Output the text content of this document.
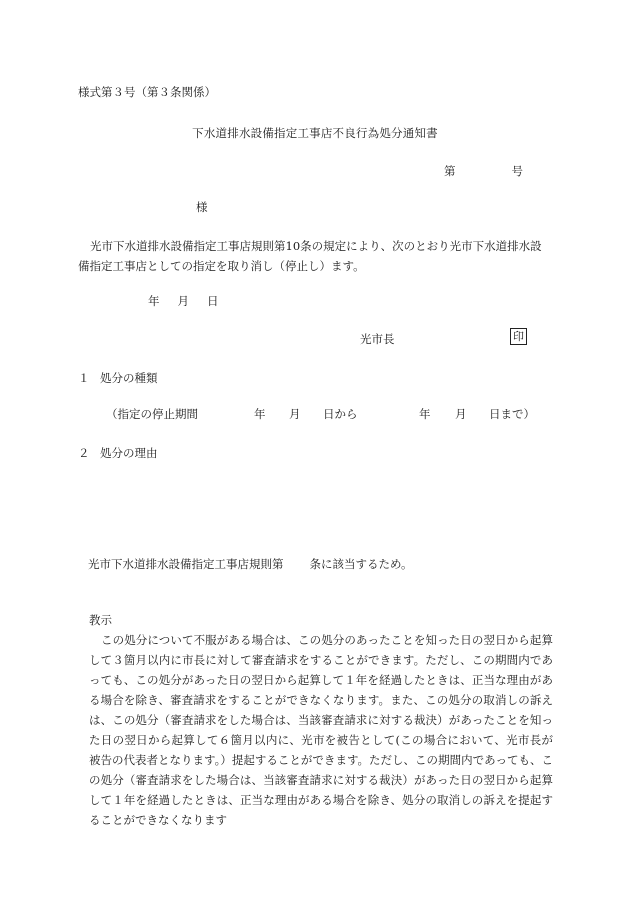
様式第３号（第３条関係）
下水道排水設備指定工事店不良行為処分通知書
第	号
様
光市下水道排水設備指定工事店規則第10条の規定により、次のとおり光市下水道排水設備指定工事店としての指定を取り消し（停止し）ます。
年 月 日
光市長	印
１ 処分の種類
（指定の停止期間	年 月 日から	年 月 日まで）
２ 処分の理由
光市下水道排水設備指定工事店規則第 条に該当するため。
教示
この処分について不服がある場合は、この処分のあったことを知った日の翌日から起算して３箇月以内に市長に対して審査請求をすることができます。ただし、この期間内であっても、この処分があった日の翌日から起算して１年を経過したときは、正当な理由がある場合を除き、審査請求をすることができなくなります。また、この処分の取消しの訴えは、この処分（審査請求をした場合は、当該審査請求に対する裁決）があったことを知った日の翌日から起算して６箇月以内に、光市を被告として(この場合において、光市長が被告の代表者となります。）提起することができます。ただし、この期間内であっても、この処分（審査請求をした場合は、当該審査請求に対する裁決）があった日の翌日から起算して１年を経過したときは、正当な理由がある場合を除き、処分の取消しの訴えを提起することができなくなります
